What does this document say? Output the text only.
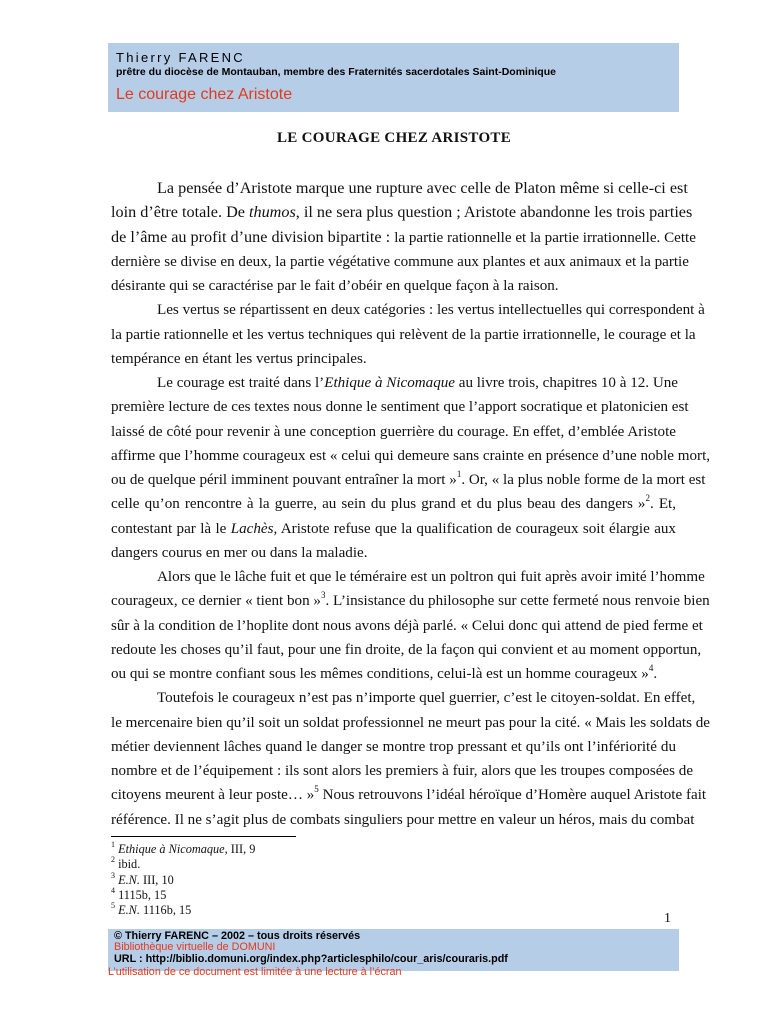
Thierry FARENC
prêtre du diocèse de Montauban, membre des Fraternités sacerdotales Saint-Dominique
Le courage chez Aristote
LE COURAGE CHEZ ARISTOTE
La pensée d’Aristote marque une rupture avec celle de Platon même si celle-ci est
loin d’être totale. De thumos, il ne sera plus question ; Aristote abandonne les trois parties
de l’âme au profit d’une division bipartite : la partie rationnelle et la partie irrationnelle. Cette
dernière se divise en deux, la partie végétative commune aux plantes et aux animaux et la partie
désirante qui se caractérise par le fait d’obéir en quelque façon à la raison.
Les vertus se répartissent en deux catégories : les vertus intellectuelles qui correspondent à
la partie rationnelle et les vertus techniques qui relèvent de la partie irrationnelle, le courage et la
tempérance en étant les vertus principales.
Le courage est traité dans l’Ethique à Nicomaque au livre trois, chapitres 10 à 12. Une
première lecture de ces textes nous donne le sentiment que l’apport socratique et platonicien est
laissé de côté pour revenir à une conception guerrière du courage. En effet, d’emblée Aristote
affirme que l’homme courageux est « celui qui demeure sans crainte en présence d’une noble mort,
ou de quelque péril imminent pouvant entraîner la mort »$^1$. Or, « la plus noble forme de la mort est
celle qu’on rencontre à la guerre, au sein du plus grand et du plus beau des dangers »$^2$. Et,
contestant par là le Lachès, Aristote refuse que la qualification de courageux soit élargie aux
dangers courus en mer ou dans la maladie.
Alors que le lâche fuit et que le téméraire est un poltron qui fuit après avoir imité l’homme
courageux, ce dernier « tient bon »$^3$. L’insistance du philosophe sur cette fermeté nous renvoie bien
sûr à la condition de l’hoplite dont nous avons déjà parlé. « Celui donc qui attend de pied ferme et
redoute les choses qu’il faut, pour une fin droite, de la façon qui convient et au moment opportun,
ou qui se montre confiant sous les mêmes conditions, celui-là est un homme courageux »$^4$.
Toutefois le courageux n’est pas n’importe quel guerrier, c’est le citoyen-soldat. En effet,
le mercenaire bien qu’il soit un soldat professionnel ne meurt pas pour la cité. « Mais les soldats de
métier deviennent lâches quand le danger se montre trop pressant et qu’ils ont l’infériorité du
nombre et de l’équipement : ils sont alors les premiers à fuir, alors que les troupes composées de
citoyens meurent à leur poste… »$^5$ Nous retrouvons l’idéal héroïque d’Homère auquel Aristote fait
référence. Il ne s’agit plus de combats singuliers pour mettre en valeur un héros, mais du combat
$^1$ Ethique à Nicomaque, III, 9
$^2$ ibid.
$^3$ E.N. III, 10
$^4$ 1115b, 15
$^5$ E.N. 1116b, 15
1
© Thierry FARENC – 2002 – tous droits réservés
Bibliothèque virtuelle de DOMUNI
URL : http://biblio.domuni.org/index.php?articlesphilo/cour_aris/couraris.pdf
L’utilisation de ce document est limitée à une lecture à l’écran
